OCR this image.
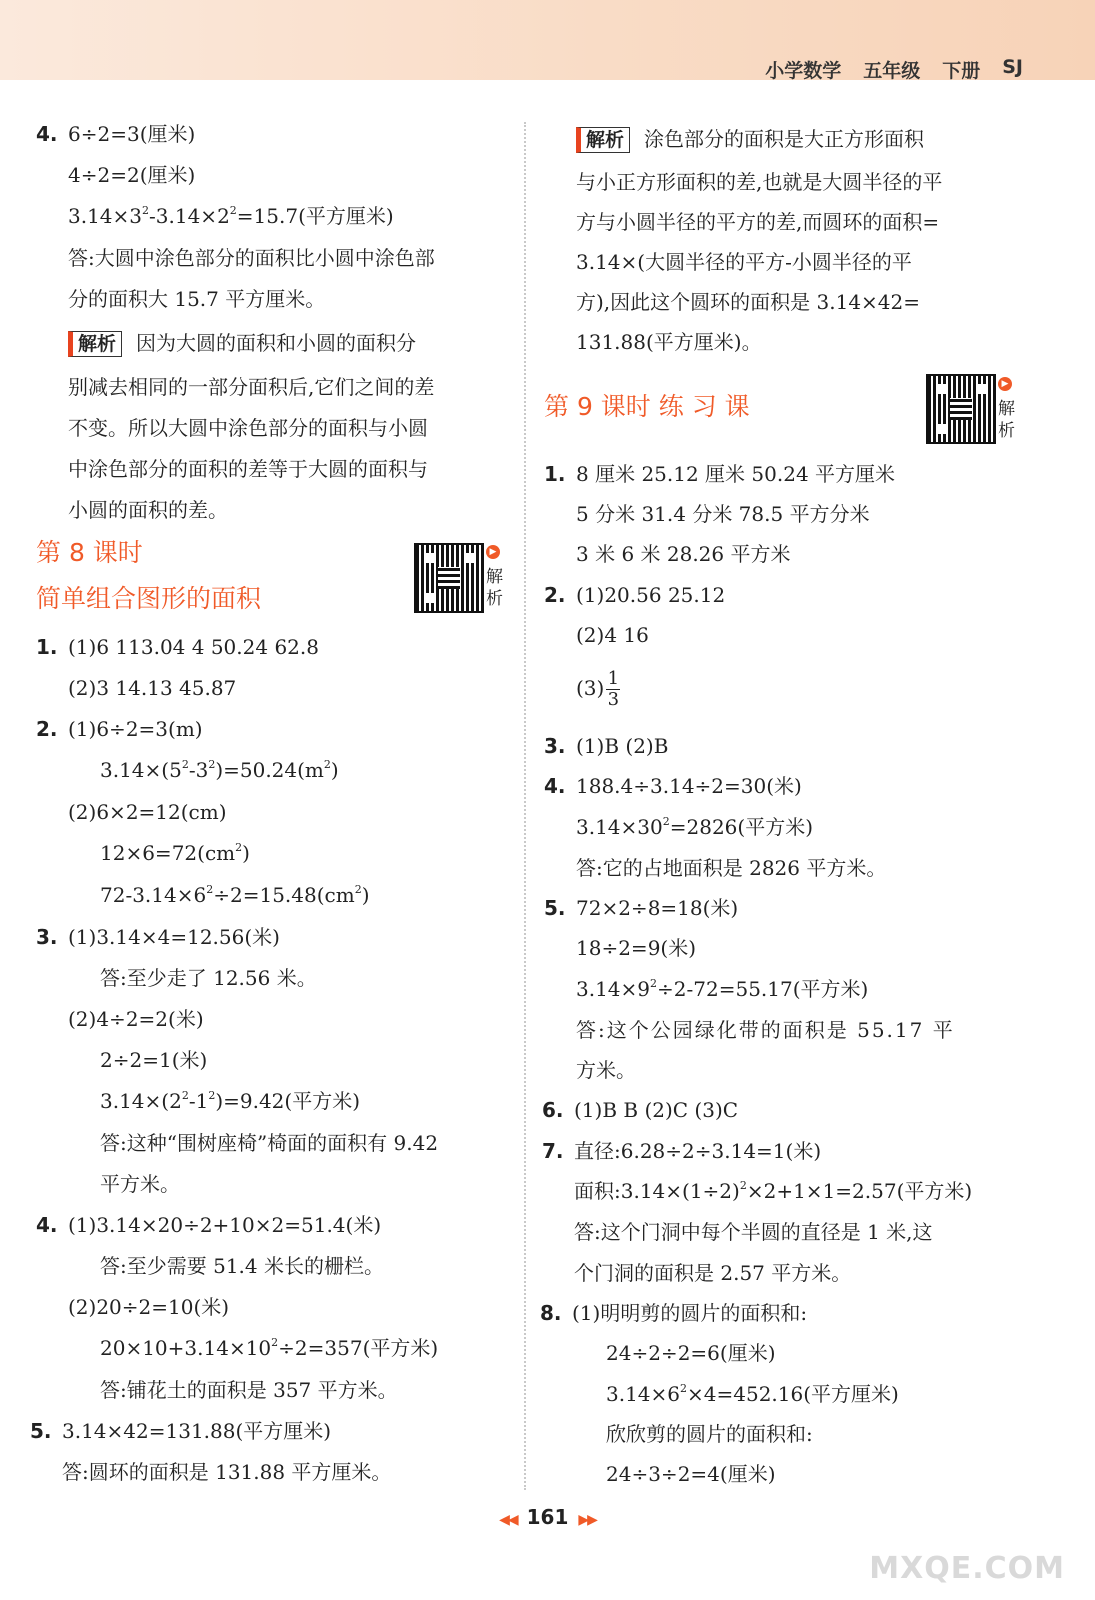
小学数学 五年级 下册 SJ
4. 6÷2=3(厘米)
4÷2=2(厘米)
$3.14\times 3^2-3.14\times 2^2=15.7$(平方厘米)
答:大圆中涂色部分的面积比小圆中涂色部
分的面积大 15.7 平方厘米。
解析 因为大圆的面积和小圆的面积分
别减去相同的一部分面积后,它们之间的差
不变。所以大圆中涂色部分的面积与小圆
中涂色部分的面积的差等于大圆的面积与
小圆的面积的差。
第 8 课时
简单组合图形的面积
▶
解
析
1. (1)6 113.04 4 50.24 62.8
(2)3 14.13 45.87
2. (1)6÷2=3(m)
$3.14\times(5^2-3^2)=50.24(m^2)$
(2)6×2=12(cm)
$12\times 6=72(cm^2)$
$72-3.14\times 6^2\div 2=15.48(cm^2)$
3. (1)3.14×4=12.56(米)
答:至少走了 12.56 米。
(2)4÷2=2(米)
2÷2=1(米)
$3.14\times(2^2-1^2)=9.42$(平方米)
答:这种“围树座椅”椅面的面积有 9.42
平方米。
4. (1)3.14×20÷2+10×2=51.4(米)
答:至少需要 51.4 米长的栅栏。
(2)20÷2=10(米)
$20\times 10+3.14\times 10^2\div 2=357$(平方米)
答:铺花土的面积是 357 平方米。
5. 3.14×42=131.88(平方厘米)
答:圆环的面积是 131.88 平方厘米。
解析 涂色部分的面积是大正方形面积
与小正方形面积的差,也就是大圆半径的平
方与小圆半径的平方的差,而圆环的面积=
3.14×(大圆半径的平方-小圆半径的平
方),因此这个圆环的面积是 3.14×42=
131.88(平方厘米)。
第 9 课时 练 习 课
▶
解
析
1. 8 厘米 25.12 厘米 50.24 平方厘米
5 分米 31.4 分米 78.5 平方分米
3 米 6 米 28.26 平方米
2. (1)20.56 25.12
(2)4 16
$(3) \frac{1}{3}$
3. (1)B (2)B
4. 188.4÷3.14÷2=30(米)
$3.14\times 30^2=2826$(平方米)
答:它的占地面积是 2826 平方米。
5. 72×2÷8=18(米)
18÷2=9(米)
$3.14\times 9^2\div 2-72=55.17$(平方米)
答:这个公园绿化带的面积是 55.17 平
方米。
6. (1)B B (2)C (3)C
7. 直径:6.28÷2÷3.14=1(米)
面积$:3.14\times(1\div 2)^2\times 2+1\times 1=2.57$(平方米)
答:这个门洞中每个半圆的直径是 1 米,这
个门洞的面积是 2.57 平方米。
8. (1)明明剪的圆片的面积和:
24÷2÷2=6(厘米)
$3.14\times 6^2\times 4=452.16$(平方厘米)
欣欣剪的圆片的面积和:
24÷3÷2=4(厘米)
◀◀ 161 ▶▶
MXQE.COM
